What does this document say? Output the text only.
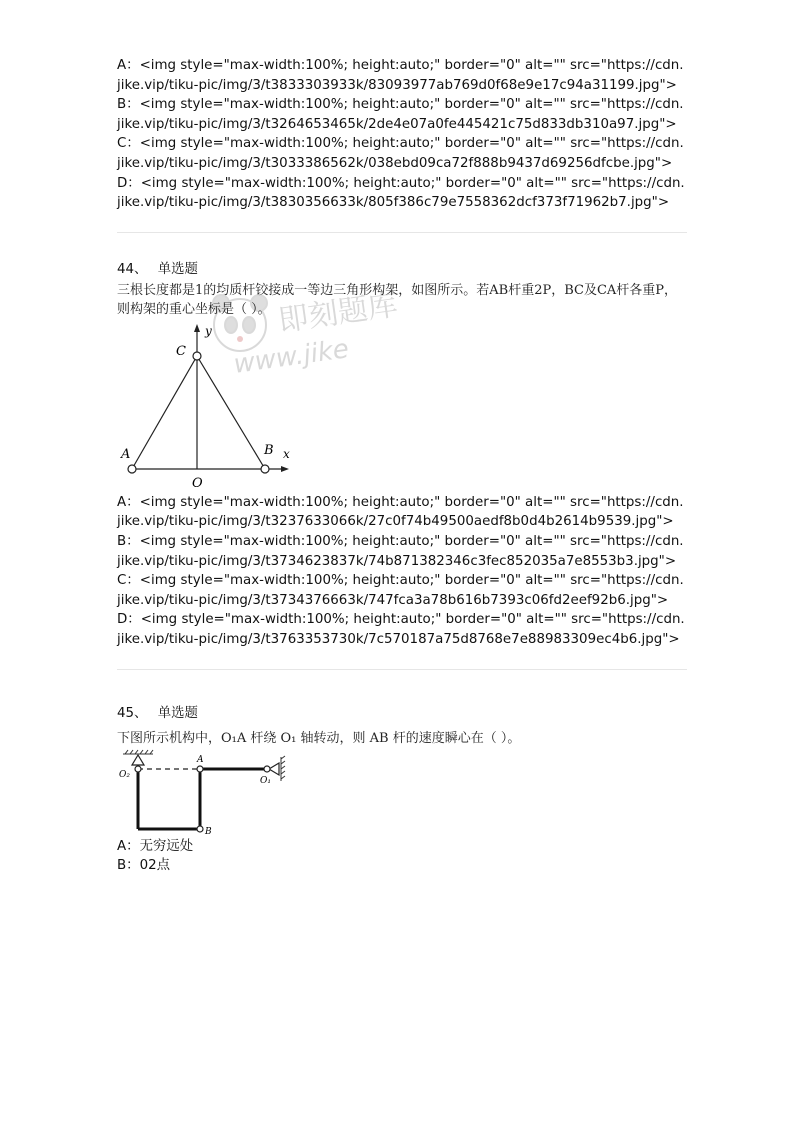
即刻题库
www.jike
A：<img style="max-width:100%; height:auto;" border="0" alt="" src="https://cdn.jike.vip/tiku-pic/img/3/t3833303933k/83093977ab769d0f68e9e17c94a31199.jpg">
B：<img style="max-width:100%; height:auto;" border="0" alt="" src="https://cdn.jike.vip/tiku-pic/img/3/t3264653465k/2de4e07a0fe445421c75d833db310a97.jpg">
C：<img style="max-width:100%; height:auto;" border="0" alt="" src="https://cdn.jike.vip/tiku-pic/img/3/t3033386562k/038ebd09ca72f888b9437d69256dfcbe.jpg">
D：<img style="max-width:100%; height:auto;" border="0" alt="" src="https://cdn.jike.vip/tiku-pic/img/3/t3830356633k/805f386c79e7558362dcf373f71962b7.jpg">
44、 单选题
三根长度都是1的均质杆铰接成一等边三角形构架，如图所示。若AB杆重2P，BC及CA杆各重P，则构架的重心坐标是（ ）。
A	B
C
O
x
y
A：<img style="max-width:100%; height:auto;" border="0" alt="" src="https://cdn.jike.vip/tiku-pic/img/3/t3237633066k/27c0f74b49500aedf8b0d4b2614b9539.jpg">
B：<img style="max-width:100%; height:auto;" border="0" alt="" src="https://cdn.jike.vip/tiku-pic/img/3/t3734623837k/74b871382346c3fec852035a7e8553b3.jpg">
C：<img style="max-width:100%; height:auto;" border="0" alt="" src="https://cdn.jike.vip/tiku-pic/img/3/t3734376663k/747fca3a78b616b7393c06fd2eef92b6.jpg">
D：<img style="max-width:100%; height:auto;" border="0" alt="" src="https://cdn.jike.vip/tiku-pic/img/3/t3763353730k/7c570187a75d8768e7e88983309ec4b6.jpg">
45、 单选题
下图所示机构中，O₁A 杆绕 O₁ 轴转动，则 AB 杆的速度瞬心在（ ）。
O₂
A
O₁
B
A：无穷远处
B：02点
